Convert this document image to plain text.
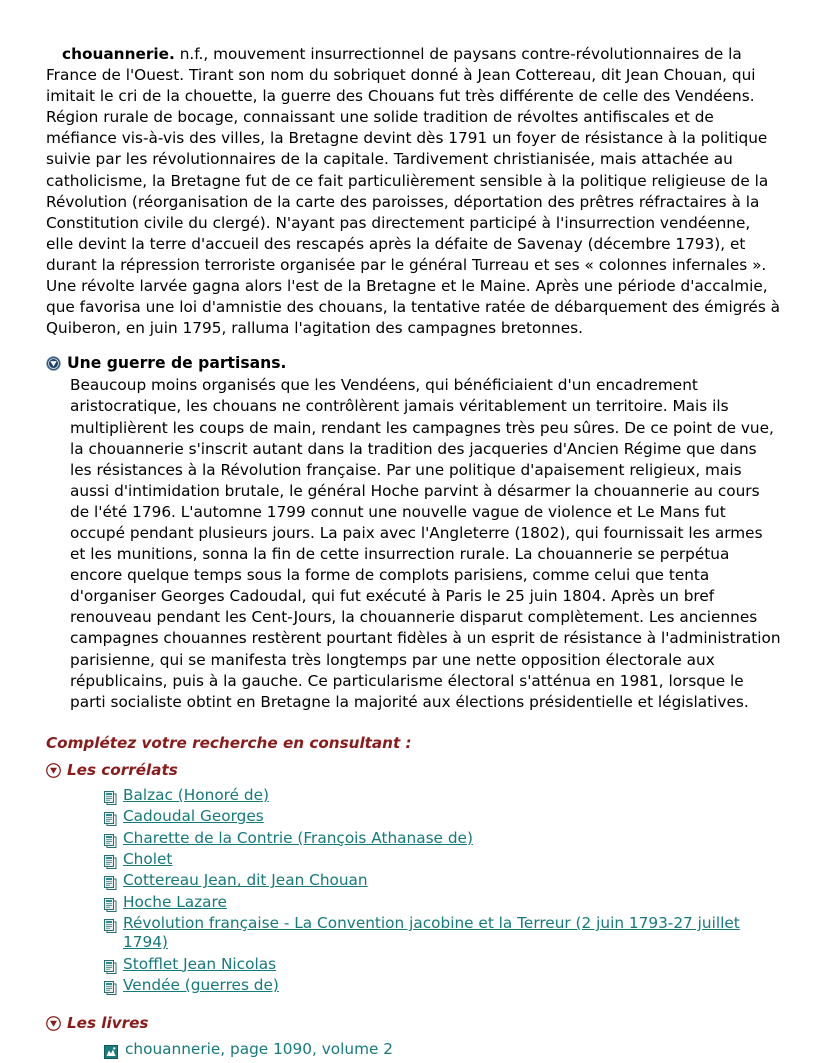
chouannerie. n.f., mouvement insurrectionnel de paysans contre-révolutionnaires de la France de l'Ouest. Tirant son nom du sobriquet donné à Jean Cottereau, dit Jean Chouan, qui imitait le cri de la chouette, la guerre des Chouans fut très différente de celle des Vendéens. Région rurale de bocage, connaissant une solide tradition de révoltes antifiscales et de méfiance vis-à-vis des villes, la Bretagne devint dès 1791 un foyer de résistance à la politique suivie par les révolutionnaires de la capitale. Tardivement christianisée, mais attachée au catholicisme, la Bretagne fut de ce fait particulièrement sensible à la politique religieuse de la Révolution (réorganisation de la carte des paroisses, déportation des prêtres réfractaires à la Constitution civile du clergé). N'ayant pas directement participé à l'insurrection vendéenne, elle devint la terre d'accueil des rescapés après la défaite de Savenay (décembre 1793), et durant la répression terroriste organisée par le général Turreau et ses « colonnes infernales ». Une révolte larvée gagna alors l'est de la Bretagne et le Maine. Après une période d'accalmie, que favorisa une loi d'amnistie des chouans, la tentative ratée de débarquement des émigrés à Quiberon, en juin 1795, ralluma l'agitation des campagnes bretonnes.

Une guerre de partisans.

Beaucoup moins organisés que les Vendéens, qui bénéficiaient d'un encadrement aristocratique, les chouans ne contrôlèrent jamais véritablement un territoire. Mais ils multiplièrent les coups de main, rendant les campagnes très peu sûres. De ce point de vue, la chouannerie s'inscrit autant dans la tradition des jacqueries d'Ancien Régime que dans les résistances à la Révolution française. Par une politique d'apaisement religieux, mais aussi d'intimidation brutale, le général Hoche parvint à désarmer la chouannerie au cours de l'été 1796. L'automne 1799 connut une nouvelle vague de violence et Le Mans fut occupé pendant plusieurs jours. La paix avec l'Angleterre (1802), qui fournissait les armes et les munitions, sonna la fin de cette insurrection rurale. La chouannerie se perpétua encore quelque temps sous la forme de complots parisiens, comme celui que tenta d'organiser Georges Cadoudal, qui fut exécuté à Paris le 25 juin 1804. Après un bref renouveau pendant les Cent-Jours, la chouannerie disparut complètement. Les anciennes campagnes chouannes restèrent pourtant fidèles à un esprit de résistance à l'administration parisienne, qui se manifesta très longtemps par une nette opposition électorale aux républicains, puis à la gauche. Ce particularisme électoral s'atténua en 1981, lorsque le parti socialiste obtint en Bretagne la majorité aux élections présidentielle et législatives.

Complétez votre recherche en consultant :
Les corrélats
Balzac (Honoré de)
Cadoudal Georges
Charette de la Contrie (François Athanase de)
Cholet
Cottereau Jean, dit Jean Chouan
Hoche Lazare
Révolution française - La Convention jacobine et la Terreur (2 juin 1793-27 juillet 1794)
Stofflet Jean Nicolas
Vendée (guerres de)
Les livres
chouannerie, page 1090, volume 2
